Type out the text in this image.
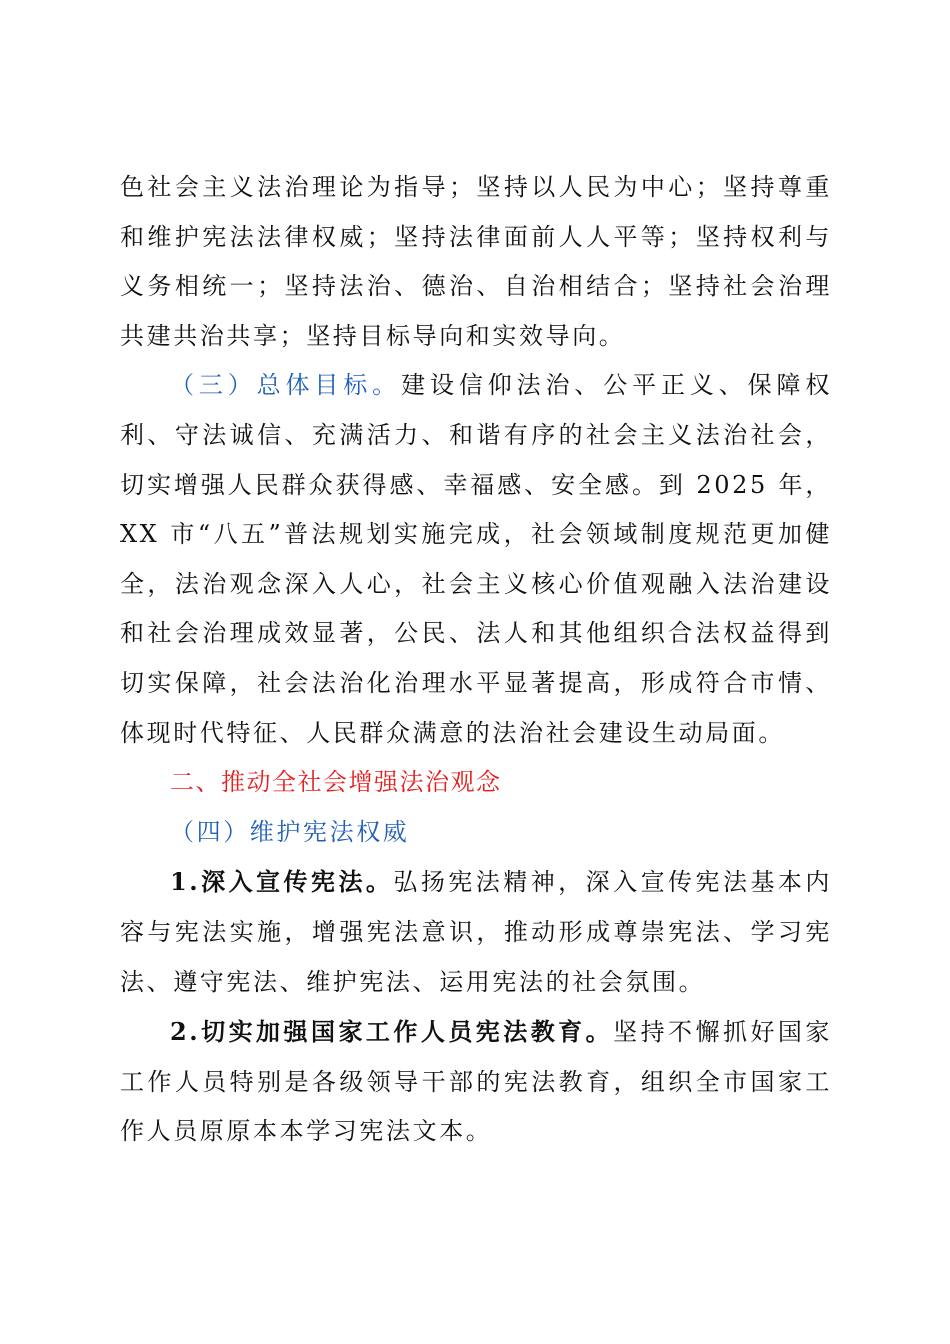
色社会主义法治理论为指导；坚持以人民为中心；坚持尊重和维护宪法法律权威；坚持法律面前人人平等；坚持权利与义务相统一；坚持法治、德治、自治相结合；坚持社会治理共建共治共享；坚持目标导向和实效导向。

（三）总体目标。建设信仰法治、公平正义、保障权利、守法诚信、充满活力、和谐有序的社会主义法治社会，切实增强人民群众获得感、幸福感、安全感。到 2025 年，XX 市“八五”普法规划实施完成，社会领域制度规范更加健全，法治观念深入人心，社会主义核心价值观融入法治建设和社会治理成效显著，公民、法人和其他组织合法权益得到切实保障，社会法治化治理水平显著提高，形成符合市情、体现时代特征、人民群众满意的法治社会建设生动局面。

二、推动全社会增强法治观念

（四）维护宪法权威

1.深入宣传宪法。弘扬宪法精神，深入宣传宪法基本内容与宪法实施，增强宪法意识，推动形成尊崇宪法、学习宪法、遵守宪法、维护宪法、运用宪法的社会氛围。

2.切实加强国家工作人员宪法教育。坚持不懈抓好国家工作人员特别是各级领导干部的宪法教育，组织全市国家工作人员原原本本学习宪法文本。
